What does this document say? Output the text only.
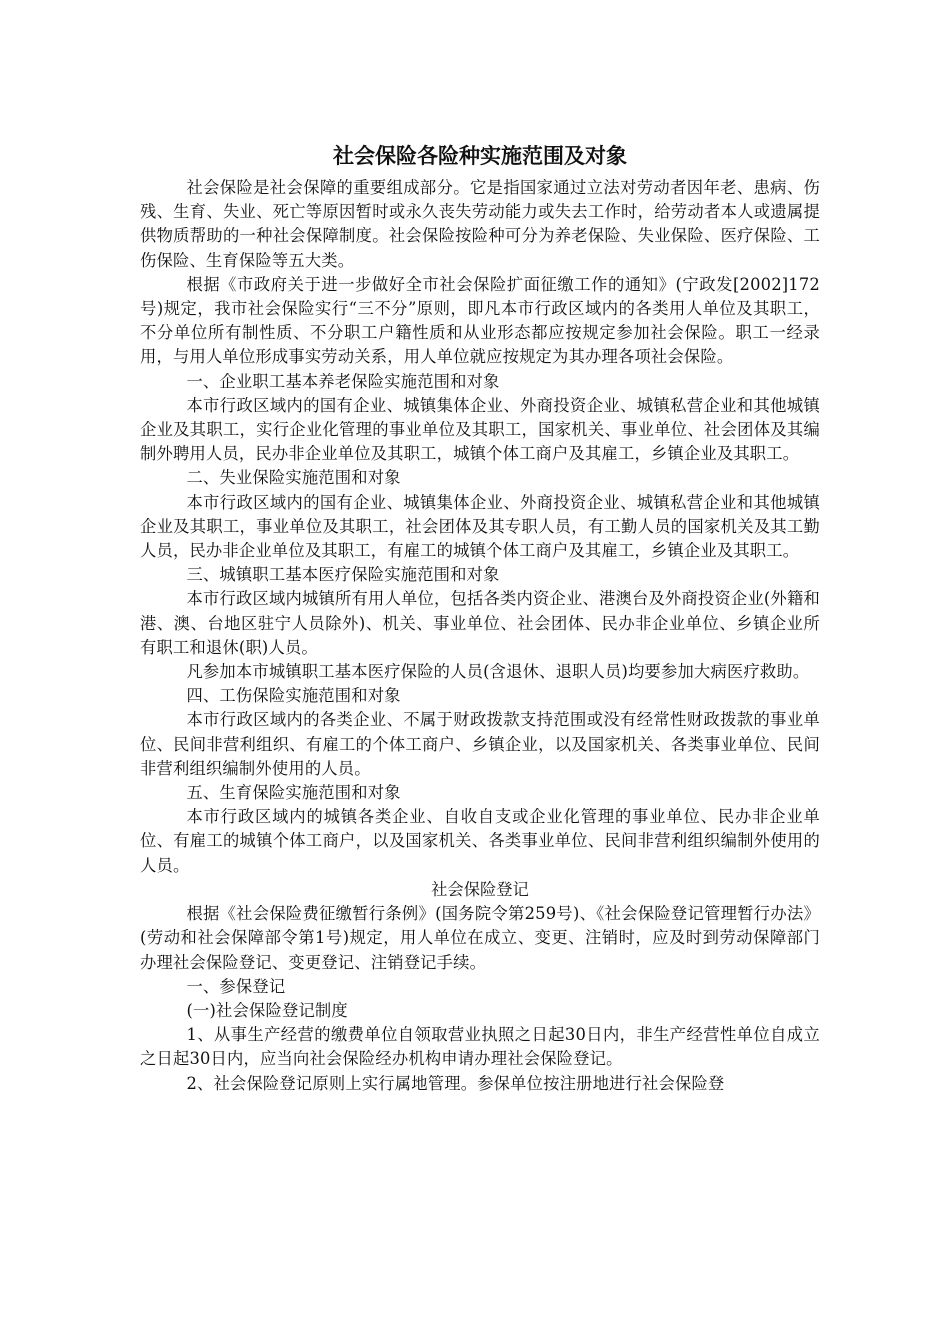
社会保险各险种实施范围及对象

社会保险是社会保障的重要组成部分。它是指国家通过立法对劳动者因年老、患病、伤残、生育、失业、死亡等原因暂时或永久丧失劳动能力或失去工作时，给劳动者本人或遗属提供物质帮助的一种社会保障制度。社会保险按险种可分为养老保险、失业保险、医疗保险、工伤保险、生育保险等五大类。

根据《市政府关于进一步做好全市社会保险扩面征缴工作的通知》(宁政发[2002]172号)规定，我市社会保险实行“三不分”原则，即凡本市行政区域内的各类用人单位及其职工，不分单位所有制性质、不分职工户籍性质和从业形态都应按规定参加社会保险。职工一经录用，与用人单位形成事实劳动关系，用人单位就应按规定为其办理各项社会保险。

一、企业职工基本养老保险实施范围和对象

本市行政区域内的国有企业、城镇集体企业、外商投资企业、城镇私营企业和其他城镇企业及其职工，实行企业化管理的事业单位及其职工，国家机关、事业单位、社会团体及其编制外聘用人员，民办非企业单位及其职工，城镇个体工商户及其雇工，乡镇企业及其职工。

二、失业保险实施范围和对象

本市行政区域内的国有企业、城镇集体企业、外商投资企业、城镇私营企业和其他城镇企业及其职工，事业单位及其职工，社会团体及其专职人员，有工勤人员的国家机关及其工勤人员，民办非企业单位及其职工，有雇工的城镇个体工商户及其雇工，乡镇企业及其职工。

三、城镇职工基本医疗保险实施范围和对象

本市行政区域内城镇所有用人单位，包括各类内资企业、港澳台及外商投资企业(外籍和港、澳、台地区驻宁人员除外)、机关、事业单位、社会团体、民办非企业单位、乡镇企业所有职工和退休(职)人员。

凡参加本市城镇职工基本医疗保险的人员(含退休、退职人员)均要参加大病医疗救助。

四、工伤保险实施范围和对象

本市行政区域内的各类企业、不属于财政拨款支持范围或没有经常性财政拨款的事业单位、民间非营利组织、有雇工的个体工商户、乡镇企业，以及国家机关、各类事业单位、民间非营利组织编制外使用的人员。

五、生育保险实施范围和对象

本市行政区域内的城镇各类企业、自收自支或企业化管理的事业单位、民办非企业单位、有雇工的城镇个体工商户，以及国家机关、各类事业单位、民间非营利组织编制外使用的人员。

社会保险登记

根据《社会保险费征缴暂行条例》(国务院令第259号)、《社会保险登记管理暂行办法》(劳动和社会保障部令第1号)规定，用人单位在成立、变更、注销时，应及时到劳动保障部门办理社会保险登记、变更登记、注销登记手续。

一、参保登记

(一)社会保险登记制度

1、从事生产经营的缴费单位自领取营业执照之日起30日内，非生产经营性单位自成立之日起30日内，应当向社会保险经办机构申请办理社会保险登记。

2、社会保险登记原则上实行属地管理。参保单位按注册地进行社会保险登
